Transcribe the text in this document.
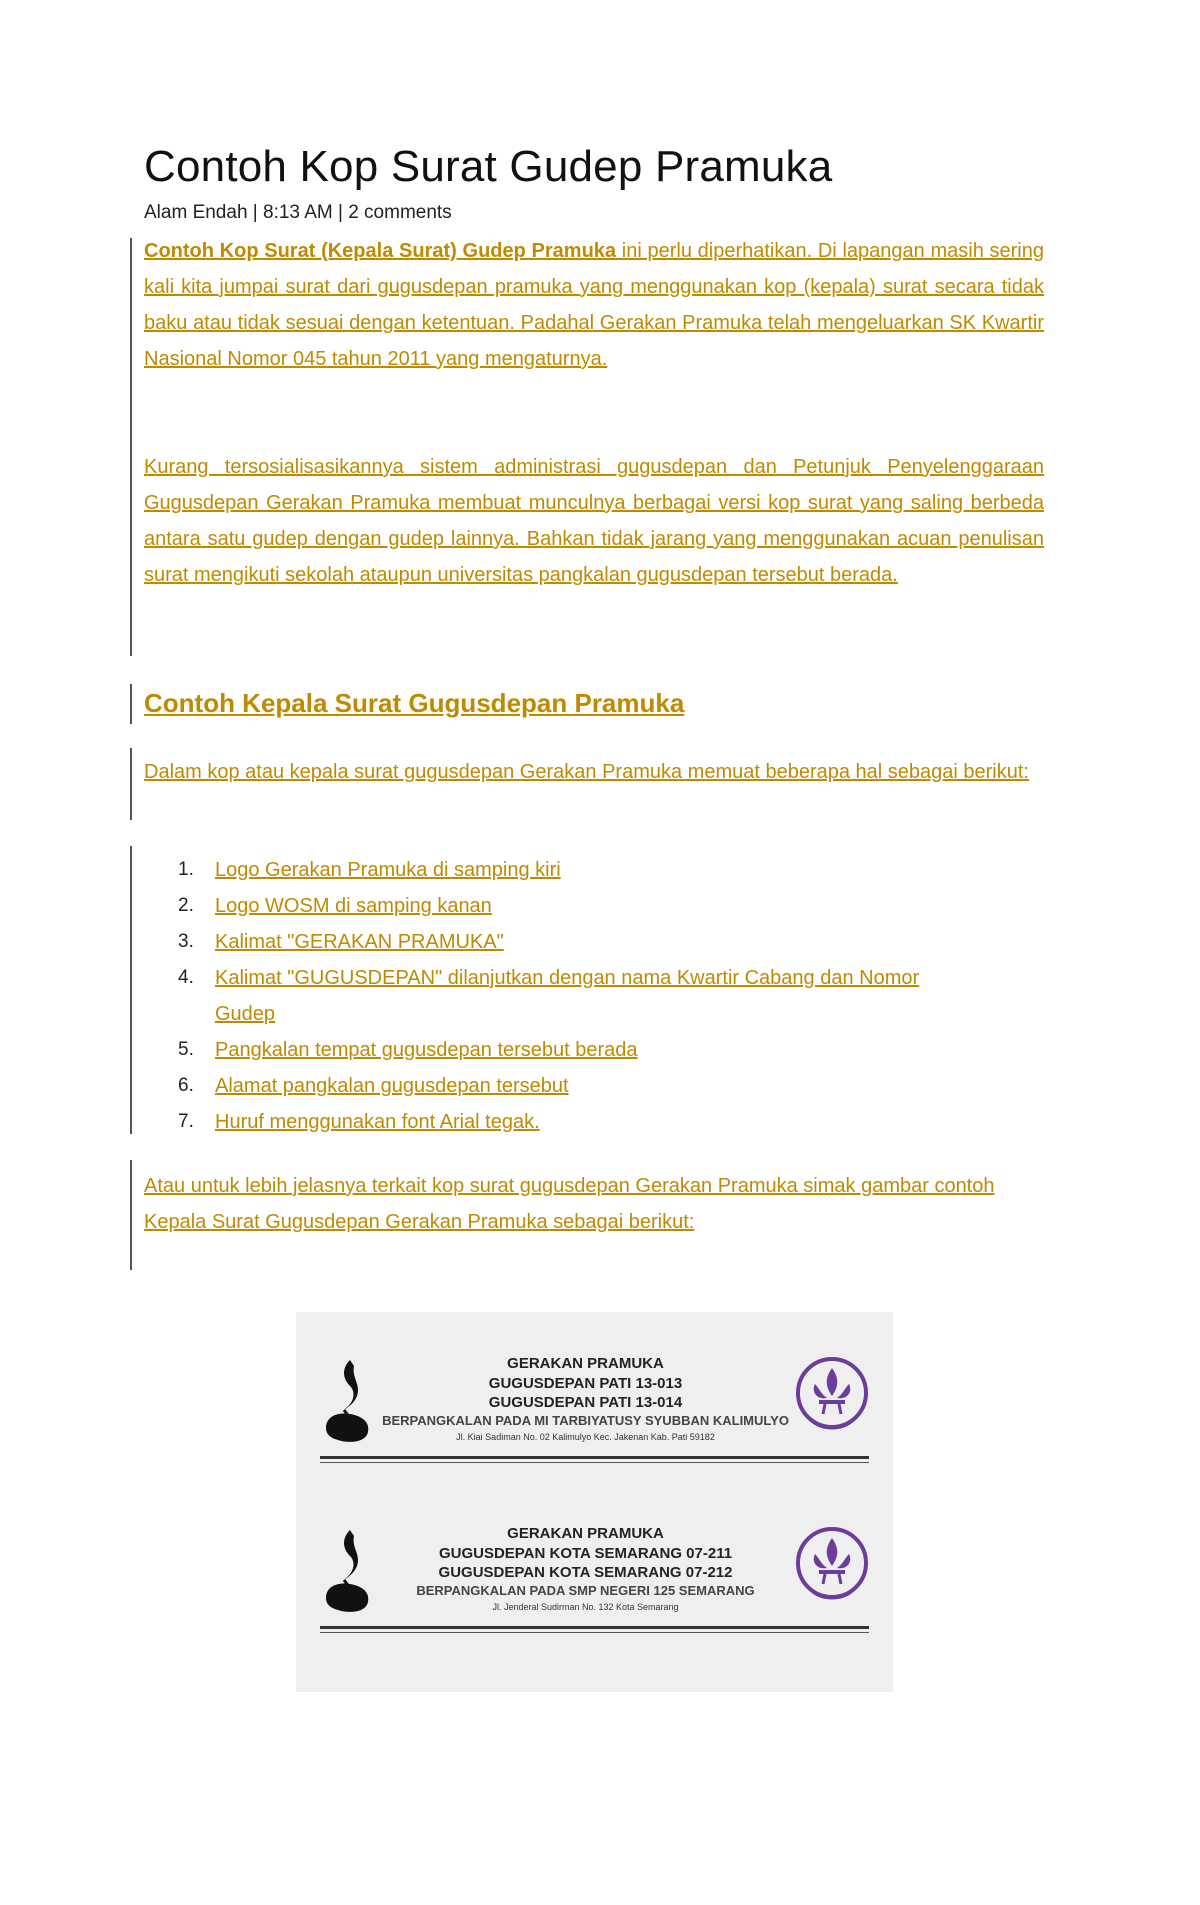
Contoh Kop Surat Gudep Pramuka
Alam Endah | 8:13 AM | 2 comments
Contoh Kop Surat (Kepala Surat) Gudep Pramuka ini perlu diperhatikan. Di lapangan masih sering kali kita jumpai surat dari gugusdepan pramuka yang menggunakan kop (kepala) surat secara tidak baku atau tidak sesuai dengan ketentuan. Padahal Gerakan Pramuka telah mengeluarkan SK Kwartir Nasional Nomor 045 tahun 2011 yang mengaturnya.
Kurang tersosialisasikannya sistem administrasi gugusdepan dan Petunjuk Penyelenggaraan Gugusdepan Gerakan Pramuka membuat munculnya berbagai versi kop surat yang saling berbeda antara satu gudep dengan gudep lainnya. Bahkan tidak jarang yang menggunakan acuan penulisan surat mengikuti sekolah ataupun universitas pangkalan gugusdepan tersebut berada.
Contoh Kepala Surat Gugusdepan Pramuka
Dalam kop atau kepala surat gugusdepan Gerakan Pramuka memuat beberapa hal sebagai berikut:
1. Logo Gerakan Pramuka di samping kiri
2. Logo WOSM di samping kanan
3. Kalimat "GERAKAN PRAMUKA"
4. Kalimat "GUGUSDEPAN" dilanjutkan dengan nama Kwartir Cabang dan Nomor Gudep
5. Pangkalan tempat gugusdepan tersebut berada
6. Alamat pangkalan gugusdepan tersebut
7. Huruf menggunakan font Arial tegak.
Atau untuk lebih jelasnya terkait kop surat gugusdepan Gerakan Pramuka simak gambar contoh Kepala Surat Gugusdepan Gerakan Pramuka sebagai berikut:
GERAKAN PRAMUKA
GUGUSDEPAN PATI 13-013
GUGUSDEPAN PATI 13-014
BERPANGKALAN PADA MI TARBIYATUSY SYUBBAN KALIMULYO
Jl. Kiai Sadiman No. 02 Kalimulyo Kec. Jakenan Kab. Pati 59182
GERAKAN PRAMUKA
GUGUSDEPAN KOTA SEMARANG 07-211
GUGUSDEPAN KOTA SEMARANG 07-212
BERPANGKALAN PADA SMP NEGERI 125 SEMARANG
Jl. Jenderal Sudirman No. 132 Kota Semarang
